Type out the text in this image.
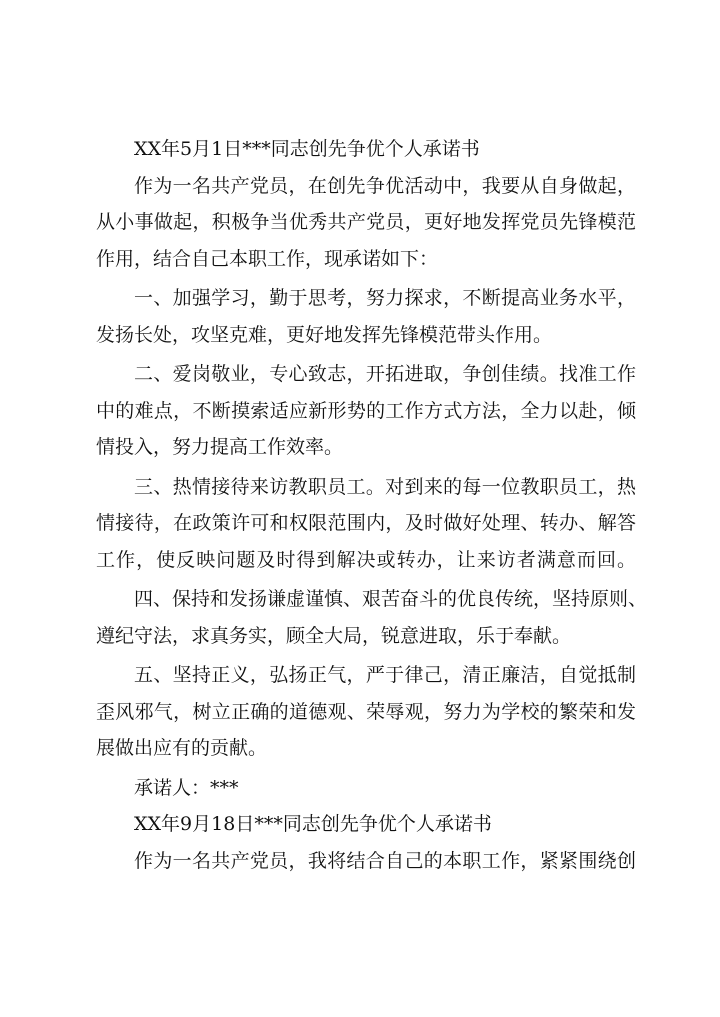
XX年5月1日***同志创先争优个人承诺书
作为一名共产党员，在创先争优活动中，我要从自身做起，
从小事做起，积极争当优秀共产党员，更好地发挥党员先锋模范
作用，结合自己本职工作，现承诺如下：
一、加强学习，勤于思考，努力探求，不断提高业务水平，
发扬长处，攻坚克难，更好地发挥先锋模范带头作用。
二、爱岗敬业，专心致志，开拓进取，争创佳绩。找准工作
中的难点，不断摸索适应新形势的工作方式方法，全力以赴，倾
情投入，努力提高工作效率。
三、热情接待来访教职员工。对到来的每一位教职员工，热
情接待，在政策许可和权限范围内，及时做好处理、转办、解答
工作，使反映问题及时得到解决或转办，让来访者满意而回。
四、保持和发扬谦虚谨慎、艰苦奋斗的优良传统，坚持原则、
遵纪守法，求真务实，顾全大局，锐意进取，乐于奉献。
五、坚持正义，弘扬正气，严于律己，清正廉洁，自觉抵制
歪风邪气，树立正确的道德观、荣辱观，努力为学校的繁荣和发
展做出应有的贡献。
承诺人：***
XX年9月18日***同志创先争优个人承诺书
作为一名共产党员，我将结合自己的本职工作，紧紧围绕创
